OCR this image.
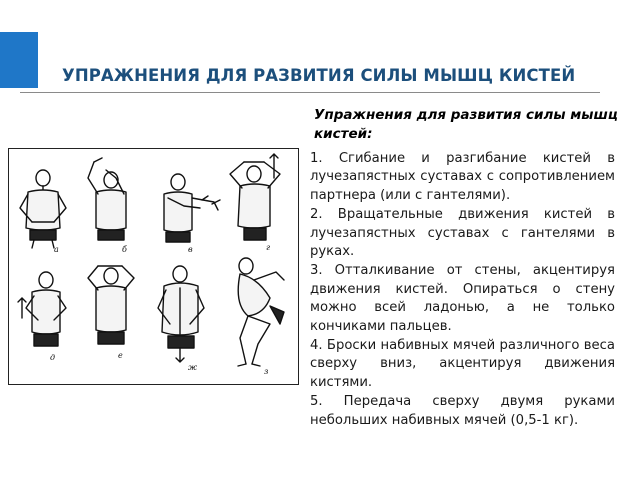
УПРАЖНЕНИЯ ДЛЯ РАЗВИТИЯ СИЛЫ МЫШЦ КИСТЕЙ

Упражнения для развития силы мышц кистей:

1. Сгибание и разгибание кистей в лучезапястных суставах с сопротивлением партнера (или с гантелями).
2. Вращательные движения кистей в лучезапястных суставах с гантелями в руках.
3. Отталкивание от стены, акцентируя движения кистей. Опираться о стену можно всей ладонью, а не только кончиками пальцев.
4. Броски набивных мячей различного веса сверху вниз, акцентируя движения кистями.
5. Передача сверху двумя руками небольших набивных мячей (0,5-1 кг).
а	б	в	г
д	е
ж	з
